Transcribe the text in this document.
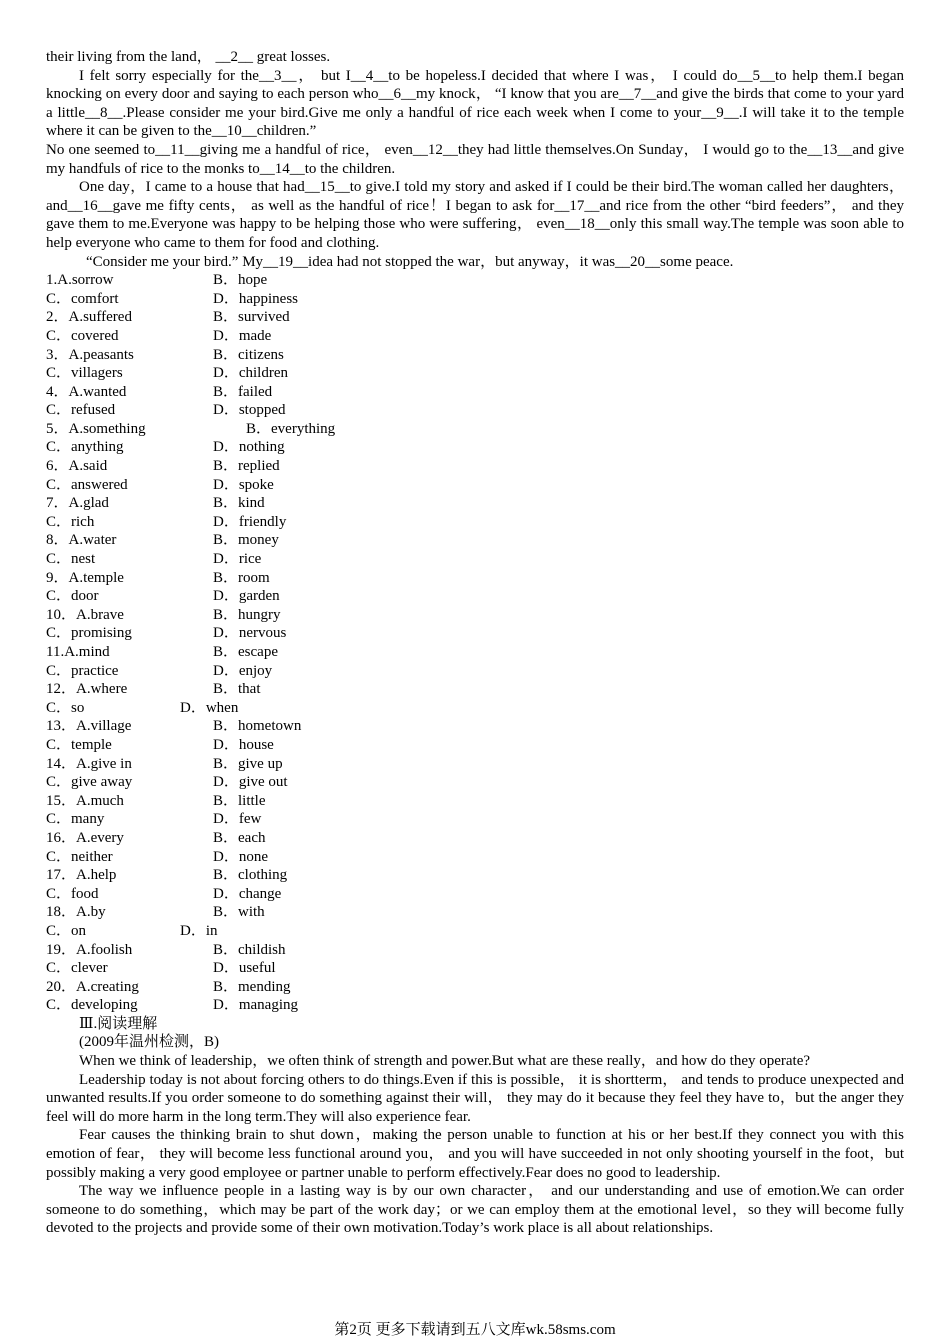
their living from the land， __2__ great losses.

I felt sorry especially for the__3__， but I__4__to be hopeless.I decided that where I was， I could do__5__to help them.I began knocking on every door and saying to each person who__6__my knock， “I know that you are__7__and give the birds that come to your yard a little__8__.Please consider me your bird.Give me only a handful of rice each week when I come to your__9__.I will take it to the temple where it can be given to the__10__children.”

No one seemed to__11__giving me a handful of rice， even__12__they had little themselves.On Sunday， I would go to the__13__and give my handfuls of rice to the monks to__14__to the children.

One day，I came to a house that had__15__to give.I told my story and asked if I could be their bird.The woman called her daughters， and__16__gave me fifty cents， as well as the handful of rice！I began to ask for__17__and rice from the other “bird feeders”， and they gave them to me.Everyone was happy to be helping those who were suffering， even__18__only this small way.The temple was soon able to help everyone who came to them for food and clothing.

“Consider me your bird.” My__19__idea had not stopped the war，but anyway，it was__20__some peace.

1.A.sorrow	B．hope
C．comfort	D．happiness
2．A.suffered	B．survived
C．covered	D．made
3．A.peasants	B．citizens
C．villagers	D．children
4．A.wanted	B．failed
C．refused	D．stopped
5．A.something	B．everything
C．anything	D．nothing
6．A.said	B．replied
C．answered	D．spoke
7．A.glad	B．kind
C．rich	D．friendly
8．A.water	B．money
C．nest	D．rice
9．A.temple	B．room
C．door	D．garden
10．A.brave	B．hungry
C．promising	D．nervous
11.A.mind	B．escape
C．practice	D．enjoy
12．A.where	B．that
C．so	D．when
13．A.village	B．hometown
C．temple	D．house
14．A.give in	B．give up
C．give away	D．give out
15．A.much	B．little
C．many	D．few
16．A.every	B．each
C．neither	D．none
17．A.help	B．clothing
C．food	D．change
18．A.by	B．with
C．on	D．in
19．A.foolish	B．childish
C．clever	D．useful
20．A.creating	B．mending
C．developing	D．managing

Ⅲ.阅读理解

(2009年温州检测，B)

When we think of leadership，we often think of strength and power.But what are these really，and how do they operate?

Leadership today is not about forcing others to do things.Even if this is possible， it is shortterm， and tends to produce unexpected and unwanted results.If you order someone to do something against their will， they may do it because they feel they have to，but the anger they feel will do more harm in the long term.They will also experience fear.

Fear causes the thinking brain to shut down，making the person unable to function at his or her best.If they connect you with this emotion of fear， they will become less functional around you， and you will have succeeded in not only shooting yourself in the foot，but possibly making a very good employee or partner unable to perform effectively.Fear does no good to leadership.

The way we influence people in a lasting way is by our own character， and our understanding and use of emotion.We can order someone to do something，which may be part of the work day；or we can employ them at the emotional level，so they will become fully devoted to the projects and provide some of their own motivation.Today’s work place is all about relationships.

第2页 更多下载请到五八文库wk.58sms.com
